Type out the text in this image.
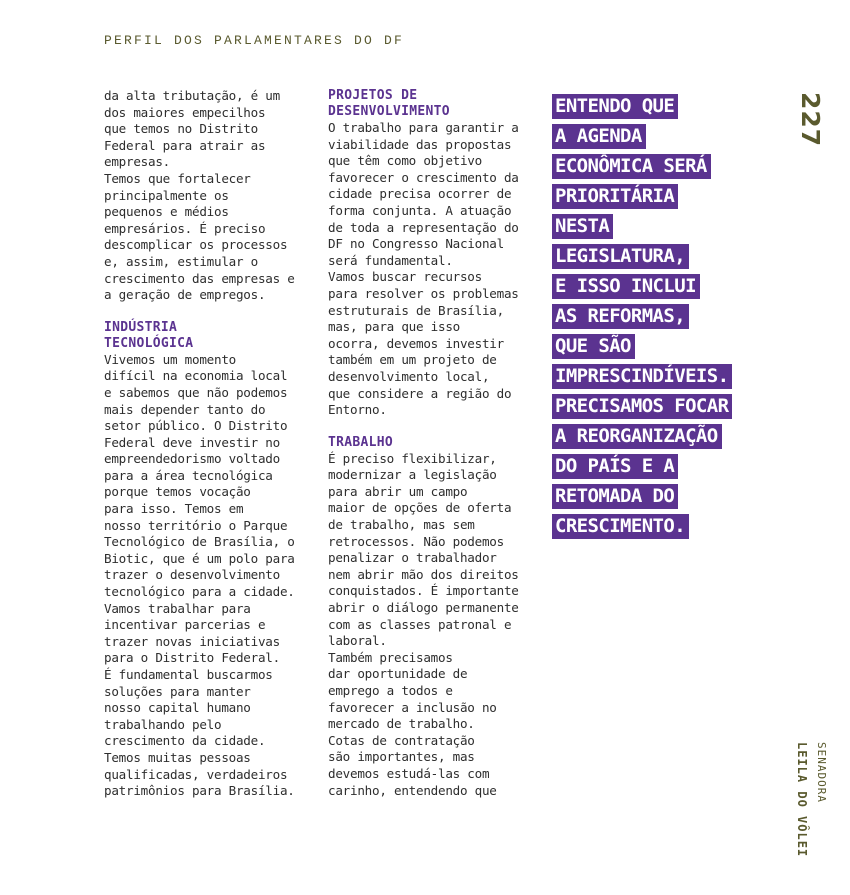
PERFIL DOS PARLAMENTARES DO DF
da alta tributação, é um
dos maiores empecilhos
que temos no Distrito
Federal para atrair as
empresas.
Temos que fortalecer
principalmente os
pequenos e médios
empresários. É preciso
descomplicar os processos
e, assim, estimular o
crescimento das empresas e
a geração de empregos.
INDÚSTRIA
TECNOLÓGICA
Vivemos um momento
difícil na economia local
e sabemos que não podemos
mais depender tanto do
setor público. O Distrito
Federal deve investir no
empreendedorismo voltado
para a área tecnológica
porque temos vocação
para isso. Temos em
nosso território o Parque
Tecnológico de Brasília, o
Biotic, que é um polo para
trazer o desenvolvimento
tecnológico para a cidade.
Vamos trabalhar para
incentivar parcerias e
trazer novas iniciativas
para o Distrito Federal.
É fundamental buscarmos
soluções para manter
nosso capital humano
trabalhando pelo
crescimento da cidade.
Temos muitas pessoas
qualificadas, verdadeiros
patrimônios para Brasília.
PROJETOS DE
DESENVOLVIMENTO
O trabalho para garantir a
viabilidade das propostas
que têm como objetivo
favorecer o crescimento da
cidade precisa ocorrer de
forma conjunta. A atuação
de toda a representação do
DF no Congresso Nacional
será fundamental.
Vamos buscar recursos
para resolver os problemas
estruturais de Brasília,
mas, para que isso
ocorra, devemos investir
também em um projeto de
desenvolvimento local,
que considere a região do
Entorno.
TRABALHO
É preciso flexibilizar,
modernizar a legislação
para abrir um campo
maior de opções de oferta
de trabalho, mas sem
retrocessos. Não podemos
penalizar o trabalhador
nem abrir mão dos direitos
conquistados. É importante
abrir o diálogo permanente
com as classes patronal e
laboral.
Também precisamos
dar oportunidade de
emprego a todos e
favorecer a inclusão no
mercado de trabalho.
Cotas de contratação
são importantes, mas
devemos estudá-las com
carinho, entendendo que
ENTENDO QUE
A AGENDA
ECONÔMICA SERÁ
PRIORITÁRIA
NESTA
LEGISLATURA,
E ISSO INCLUI
AS REFORMAS,
QUE SÃO
IMPRESCINDÍVEIS.
PRECISAMOS FOCAR
A REORGANIZAÇÃO
DO PAÍS E A
RETOMADA DO
CRESCIMENTO.
227
SENADORA
LEILA DO VÔLEI
